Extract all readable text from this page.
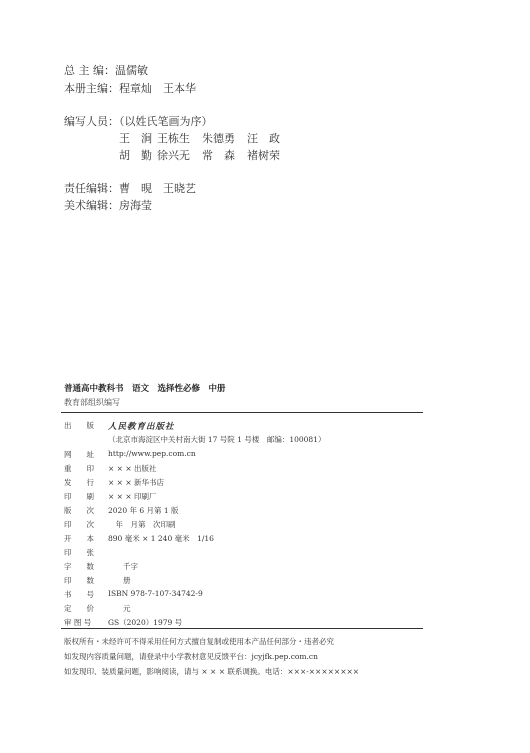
总 主 编：温儒敏
本册主编：程章灿　王本华
编写人员：（以姓氏笔画为序）
王　涧 王栋生 朱德勇 汪　政
胡　勤 徐兴无 常　森 褚树荣
责任编辑：曹　晛　王晓艺
美术编辑：房海莹
普通高中教科书　语文　选择性必修　中册
教育部组织编写
出　　版	人民教育出版社
（北京市海淀区中关村南大街 17 号院 1 号楼　邮编：100081）
网　　址	http://www.pep.com.cn
重　　印	× × × 出版社
发　　行	× × × 新华书店
印　　刷	× × × 印刷厂
版　　次	2020 年 6 月第 1 版
印　　次	　年　月第　次印刷
开　　本	890 毫米 × 1 240 毫米　1/16
印　　张
字　　数	　　千字
印　　数	　　册
书　　号	ISBN 978-7-107-34742-9
定　　价	　　元
审 图 号	GS（2020）1979 号
版权所有・未经许可不得采用任何方式擅自复制或使用本产品任何部分・违者必究
如发现内容质量问题，请登录中小学教材意见反馈平台：jcyjfk.pep.com.cn
如发现印、装质量问题，影响阅读，请与 × × × 联系调换。电话：×××-××××××××
